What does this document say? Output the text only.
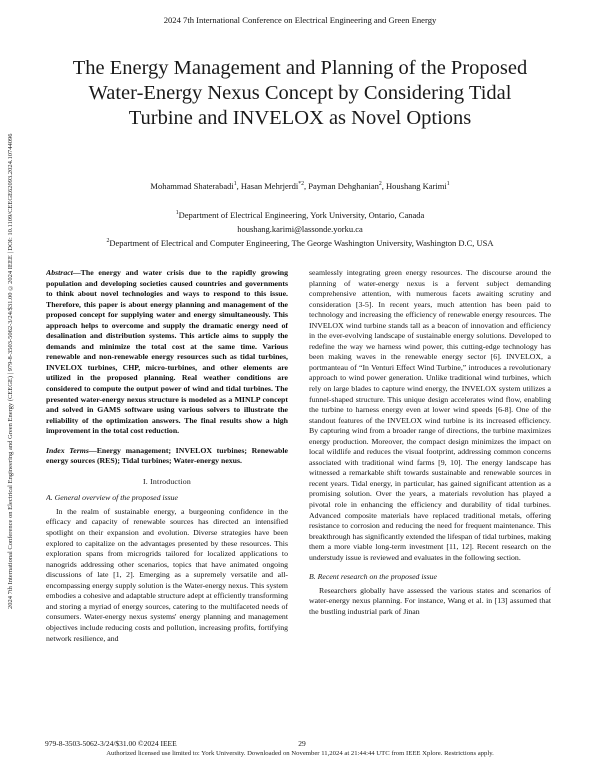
2024 7th International Conference on Electrical Engineering and Green Energy
2024 7th International Conference on Electrical Engineering and Green Energy (CEEGE) | 979-8-3503-5062-3/24/$31.00 ©2024 IEEE | DOI: 10.1109/CEEGE62093.2024.10744096
The Energy Management and Planning of the Proposed Water-Energy Nexus Concept by Considering Tidal Turbine and INVELOX as Novel Options
Mohammad Shaterabadi$^1$, Hasan Mehrjerdi$^{*2}$, Payman Dehghanian$^2$, Houshang Karimi$^1$
$^1$Department of Electrical Engineering, York University, Ontario, Canada
houshang.karimi@lassonde.yorku.ca
$^2$Department of Electrical and Computer Engineering, The George Washington University, Washington D.C, USA

Abstract—The energy and water crisis due to the rapidly growing population and developing societies caused countries and governments to think about novel technologies and ways to respond to this issue. Therefore, this paper is about energy planning and management of the proposed concept for supplying water and energy simultaneously. This approach helps to overcome and supply the dramatic energy need of desalination and distribution systems. This article aims to supply the demands and minimize the total cost at the same time. Various renewable and non-renewable energy resources such as tidal turbines, INVELOX turbines, CHP, micro-turbines, and other elements are utilized in the proposed planning. Real weather conditions are considered to compute the output power of wind and tidal turbines. The presented water-energy nexus structure is modeled as a MINLP concept and solved in GAMS software using various solvers to illustrate the reliability of the optimization answers. The final results show a high improvement in the total cost reduction.

Index Terms—Energy management; INVELOX turbines; Renewable energy sources (RES); Tidal turbines; Water-energy nexus.

I. Introduction

A. General overview of the proposed issue

In the realm of sustainable energy, a burgeoning confidence in the efficacy and capacity of renewable sources has directed an intensified spotlight on their expansion and evolution. Diverse strategies have been explored to capitalize on the advantages presented by these resources. This exploration spans from microgrids tailored for localized applications to nanogrids addressing other scenarios, topics that have animated ongoing discussions of late [1, 2]. Emerging as a supremely versatile and all-encompassing energy supply solution is the Water-energy nexus. This system embodies a cohesive and adaptable structure adept at efficiently transforming and storing a myriad of energy sources, catering to the multifaceted needs of consumers. Water-energy nexus systems' energy planning and management objectives include reducing costs and pollution, increasing profits, fortifying network resilience, and

seamlessly integrating green energy resources. The discourse around the planning of water-energy nexus is a fervent subject demanding comprehensive attention, with numerous facets awaiting scrutiny and consideration [3-5]. In recent years, much attention has been paid to technology and increasing the efficiency of renewable energy resources. The INVELOX wind turbine stands tall as a beacon of innovation and efficiency in the ever-evolving landscape of sustainable energy solutions. Developed to redefine the way we harness wind power, this cutting-edge technology has been making waves in the renewable energy sector [6]. INVELOX, a portmanteau of “In Venturi Effect Wind Turbine,” introduces a revolutionary approach to wind power generation. Unlike traditional wind turbines, which rely on large blades to capture wind energy, the INVELOX system utilizes a funnel-shaped structure. This unique design accelerates wind flow, enabling the turbine to harness energy even at lower wind speeds [6-8]. One of the standout features of the INVELOX wind turbine is its increased efficiency. By capturing wind from a broader range of directions, the turbine maximizes energy production. Moreover, the compact design minimizes the impact on local wildlife and reduces the visual footprint, addressing common concerns associated with traditional wind farms [9, 10]. The energy landscape has witnessed a remarkable shift towards sustainable and renewable sources in recent years. Tidal energy, in particular, has gained significant attention as a promising solution. Over the years, a materials revolution has played a pivotal role in enhancing the efficiency and durability of tidal turbines. Advanced composite materials have replaced traditional metals, offering resistance to corrosion and reducing the need for frequent maintenance. This breakthrough has significantly extended the lifespan of tidal turbines, making them a more viable long-term investment [11, 12]. Recent research on the understudy issue is reviewed and evaluates in the following section.

B. Recent research on the proposed issue

Researchers globally have assessed the various states and scenarios of water-energy nexus planning. For instance, Wang et al. in [13] assumed that the bustling industrial park of Jinan

979-8-3503-5062-3/24/$31.00 ©2024 IEEE	29
Authorized licensed use limited to: York University. Downloaded on November 11,2024 at 21:44:44 UTC from IEEE Xplore. Restrictions apply.
